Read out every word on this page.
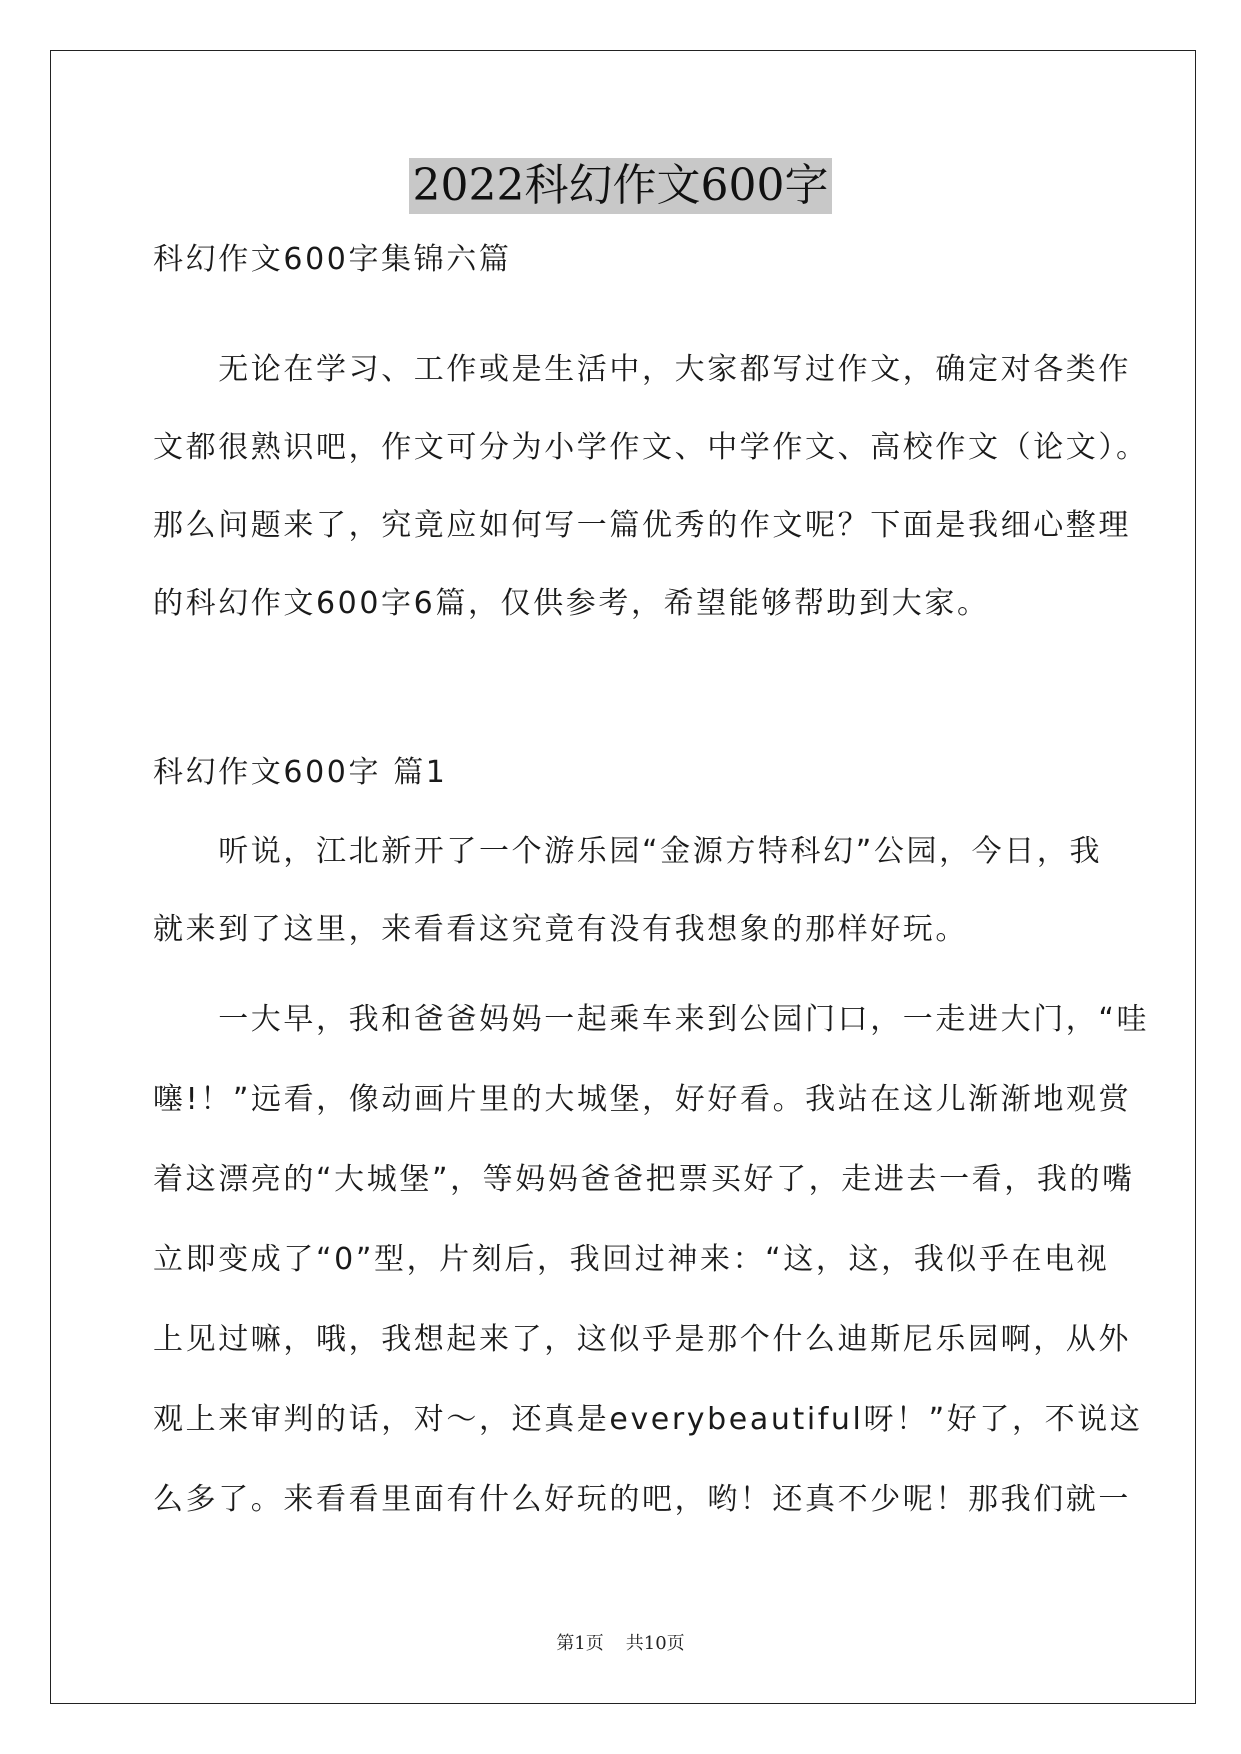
2022科幻作文600字
科幻作文600字集锦六篇
　　无论在学习、工作或是生活中，大家都写过作文，确定对各类作
文都很熟识吧，作文可分为小学作文、中学作文、高校作文（论文）。
那么问题来了，究竟应如何写一篇优秀的作文呢？下面是我细心整理
的科幻作文600字6篇，仅供参考，希望能够帮助到大家。
科幻作文600字 篇1
　　听说，江北新开了一个游乐园“金源方特科幻”公园，今日，我
就来到了这里，来看看这究竟有没有我想象的那样好玩。
　　一大早，我和爸爸妈妈一起乘车来到公园门口，一走进大门，“哇
噻!！”远看，像动画片里的大城堡，好好看。我站在这儿渐渐地观赏
着这漂亮的“大城堡”，等妈妈爸爸把票买好了，走进去一看，我的嘴
立即变成了“0”型，片刻后，我回过神来：“这，这，我似乎在电视
上见过嘛，哦，我想起来了，这似乎是那个什么迪斯尼乐园啊，从外
观上来审判的话，对～，还真是everybeautiful呀！”好了，不说这
么多了。来看看里面有什么好玩的吧，哟！还真不少呢！那我们就一
第1页 共10页
